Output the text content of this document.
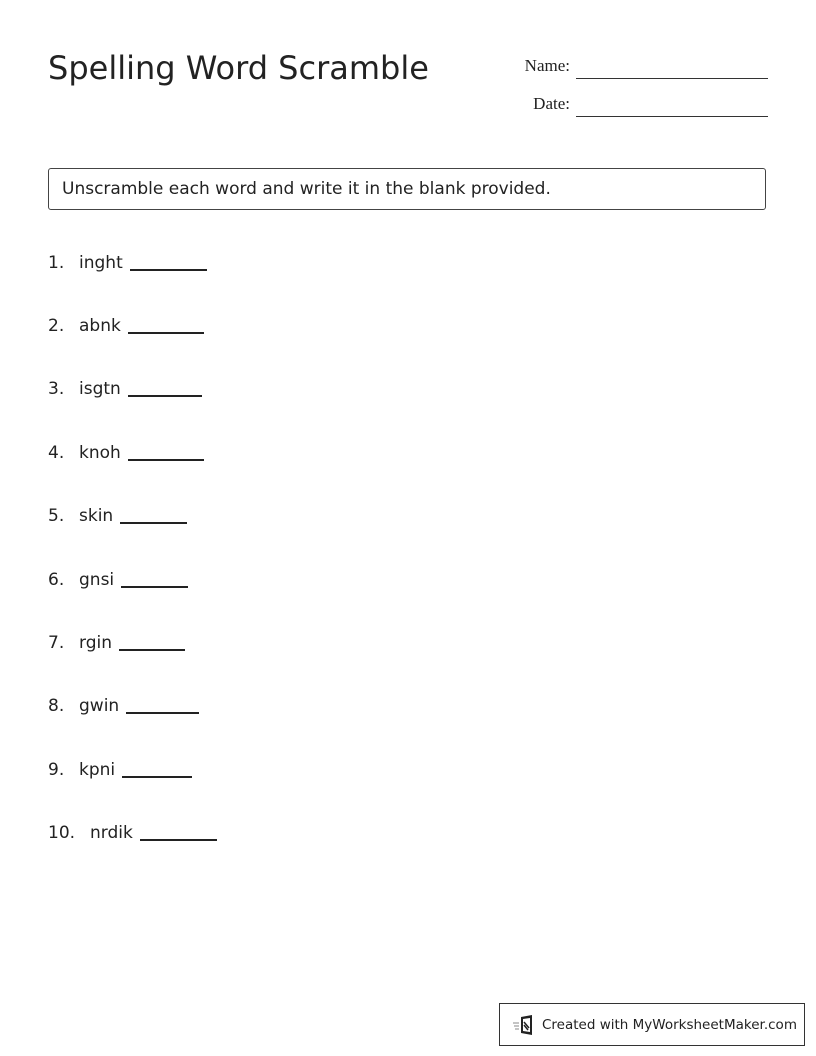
Spelling Word Scramble	Name:
Date:
Unscramble each word and write it in the blank provided.
1. inght
2. abnk
3. isgtn
4. knoh
5. skin
6. gnsi
7. rgin
8. gwin
9. kpni
10. nrdik
Created with MyWorksheetMaker.com
